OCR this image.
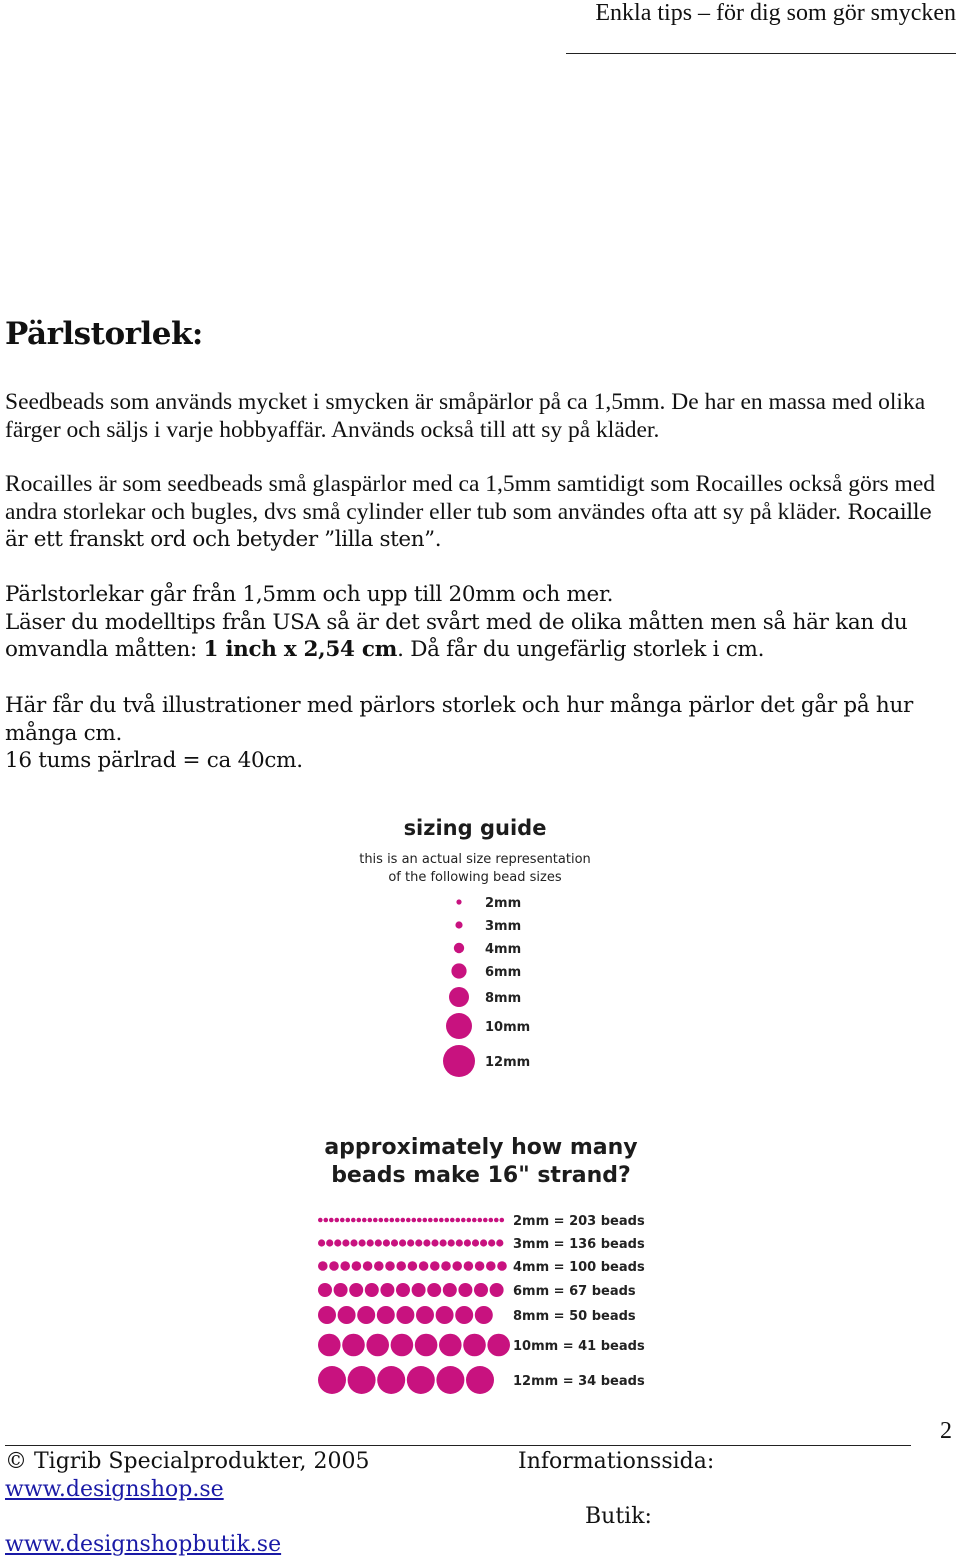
Enkla tips – för dig som gör smycken
Pärlstorlek:

Seedbeads som används mycket i smycken är småpärlor på ca 1,5mm. De har en massa med olika färger och säljs i varje hobbyaffär. Används också till att sy på kläder.

Rocailles är som seedbeads små glaspärlor med ca 1,5mm samtidigt som Rocailles också görs med andra storlekar och bugles, dvs små cylinder eller tub som användes ofta att sy på kläder. Rocaille är ett franskt ord och betyder ”lilla sten”.

Pärlstorlekar går från 1,5mm och upp till 20mm och mer.
Läser du modelltips från USA så är det svårt med de olika måtten men så här kan du omvandla måtten: 1 inch x 2,54 cm. Då får du ungefärlig storlek i cm.

Här får du två illustrationer med pärlors storlek och hur många pärlor det går på hur många cm.
16 tums pärlrad = ca 40cm.

sizing guide
this is an actual size representation
of the following bead sizes
2mm
3mm
4mm
6mm
8mm
10mm
12mm
approximately how many
beads make 16" strand?
2mm = 203 beads
3mm = 136 beads
4mm = 100 beads
6mm = 67 beads
8mm = 50 beads
10mm = 41 beads
12mm = 34 beads
2
© Tigrib Specialprodukter, 2005	Informationssida:
www.designshop.se
Butik:
www.designshopbutik.se
